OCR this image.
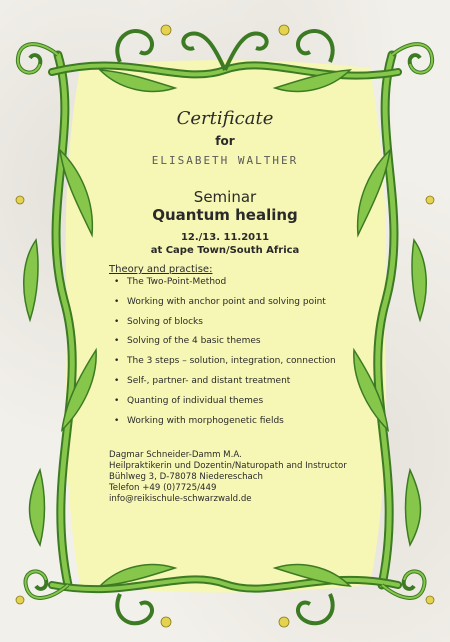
Certificate
for
ELISABETH WALTHER
Seminar
Quantum healing
12./13. 11.2011
at Cape Town/South Africa
Theory and practise:
• The Two-Point-Method
• Working with anchor point and solving point
• Solving of blocks
• Solving of the 4 basic themes
• The 3 steps – solution, integration, connection
• Self-, partner- and distant treatment
• Quanting of individual themes
• Working with morphogenetic fields
Dagmar Schneider-Damm M.A.
Heilpraktikerin und Dozentin/Naturopath and Instructor
Bühlweg 3, D-78078 Niedereschach
Telefon +49 (0)7725/449
info@reikischule-schwarzwald.de
